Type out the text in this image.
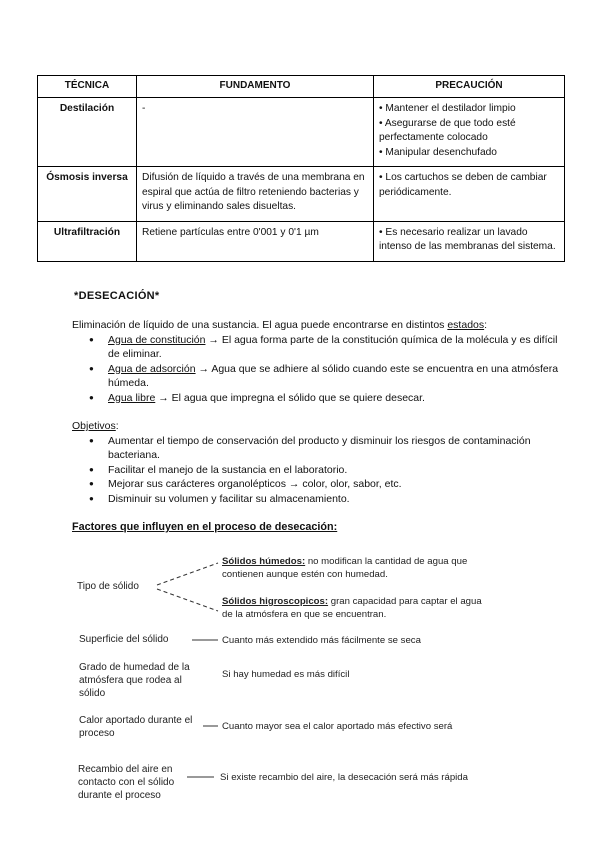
TÉCNICA	FUNDAMENTO	PRECAUCIÓN
Destilación	-	• Mantener el destilador limpio
• Asegurarse de que todo esté perfectamente colocado
• Manipular desenchufado

Ósmosis inversa	Difusión de líquido a través de una membrana en espiral que actúa de filtro reteniendo bacterias y virus y eliminando sales disueltas.	• Los cartuchos se deben de cambiar periódicamente.

Ultrafiltración	Retiene partículas entre 0'001 y 0'1 µm	• Es necesario realizar un lavado intenso de las membranas del sistema.
*DESECACIÓN*
Eliminación de líquido de una sustancia. El agua puede encontrarse en distintos estados:
● Agua de constitución → El agua forma parte de la constitución química de la molécula y es difícil de eliminar.
● Agua de adsorción → Agua que se adhiere al sólido cuando este se encuentra en una atmósfera húmeda.
● Agua libre → El agua que impregna el sólido que se quiere desecar.
Objetivos:
● Aumentar el tiempo de conservación del producto y disminuir los riesgos de contaminación bacteriana.
● Facilitar el manejo de la sustancia en el laboratorio.
● Mejorar sus carácteres organolépticos → color, olor, sabor, etc.
● Disminuir su volumen y facilitar su almacenamiento.
Factores que influyen en el proceso de desecación:
Tipo de sólido
Sólidos húmedos: no modifican la cantidad de agua que contienen aunque estén con humedad.
Sólidos higroscopicos: gran capacidad para captar el agua de la atmósfera en que se encuentran.
Superficie del sólido	Cuanto más extendido más fácilmente se seca
Grado de humedad de la atmósfera que rodea al sólido
Si hay humedad es más difícil
Calor aportado durante el proceso
Cuanto mayor sea el calor aportado más efectivo será
Recambio del aire en contacto con el sólido durante el proceso
Si existe recambio del aire, la desecación será más rápida
